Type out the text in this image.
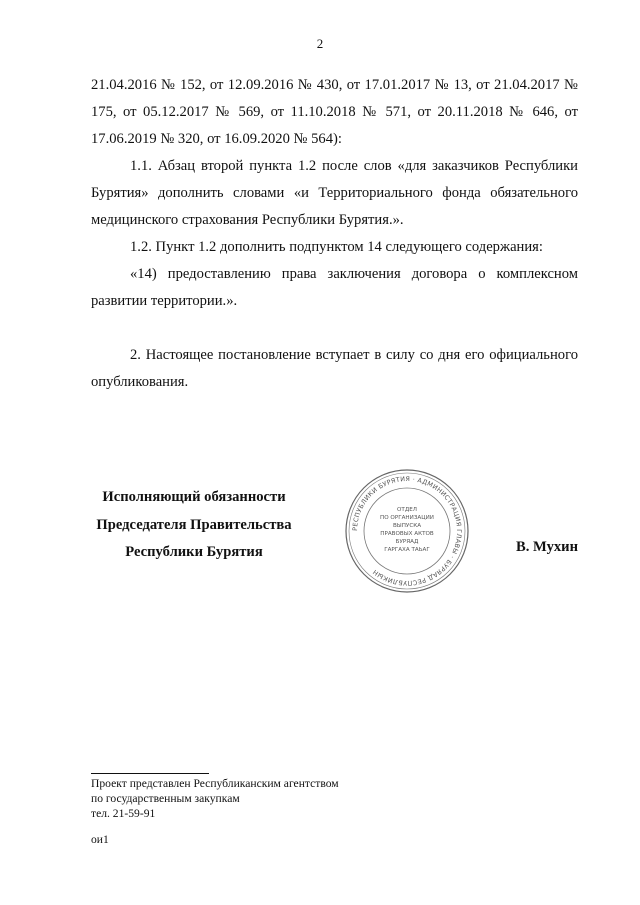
2

21.04.2016 № 152, от 12.09.2016 № 430, от 17.01.2017 № 13, от 21.04.2017 № 175, от 05.12.2017 № 569, от 11.10.2018 № 571, от 20.11.2018 № 646, от 17.06.2019 № 320, от 16.09.2020 № 564):

1.1. Абзац второй пункта 1.2 после слов «для заказчиков Республики Бурятия» дополнить словами «и Территориального фонда обязательного медицинского страхования Республики Бурятия.».

1.2. Пункт 1.2 дополнить подпунктом 14 следующего содержания:

«14) предоставлению права заключения договора о комплексном развитии территории.».

2. Настоящее постановление вступает в силу со дня его официального опубликования.

Исполняющий обязанности
Председателя Правительства
Республики Бурятия
РЕСПУБЛИКИ БУРЯТИЯ · АДМИНИСТРАЦИЯ ГЛАВЫ · БУРЯАД РЕСПУБЛИКЫН
ОТДЕЛ
ПО ОРГАНИЗАЦИИ
ВЫПУСКА
ПРАВОВЫХ АКТОВ
БУРЯАД
ГАРГАХА ТАЬАГ	В. Мухин
Проект представлен Республиканским агентством
по государственным закупкам
тел. 21-59-91
ои1
